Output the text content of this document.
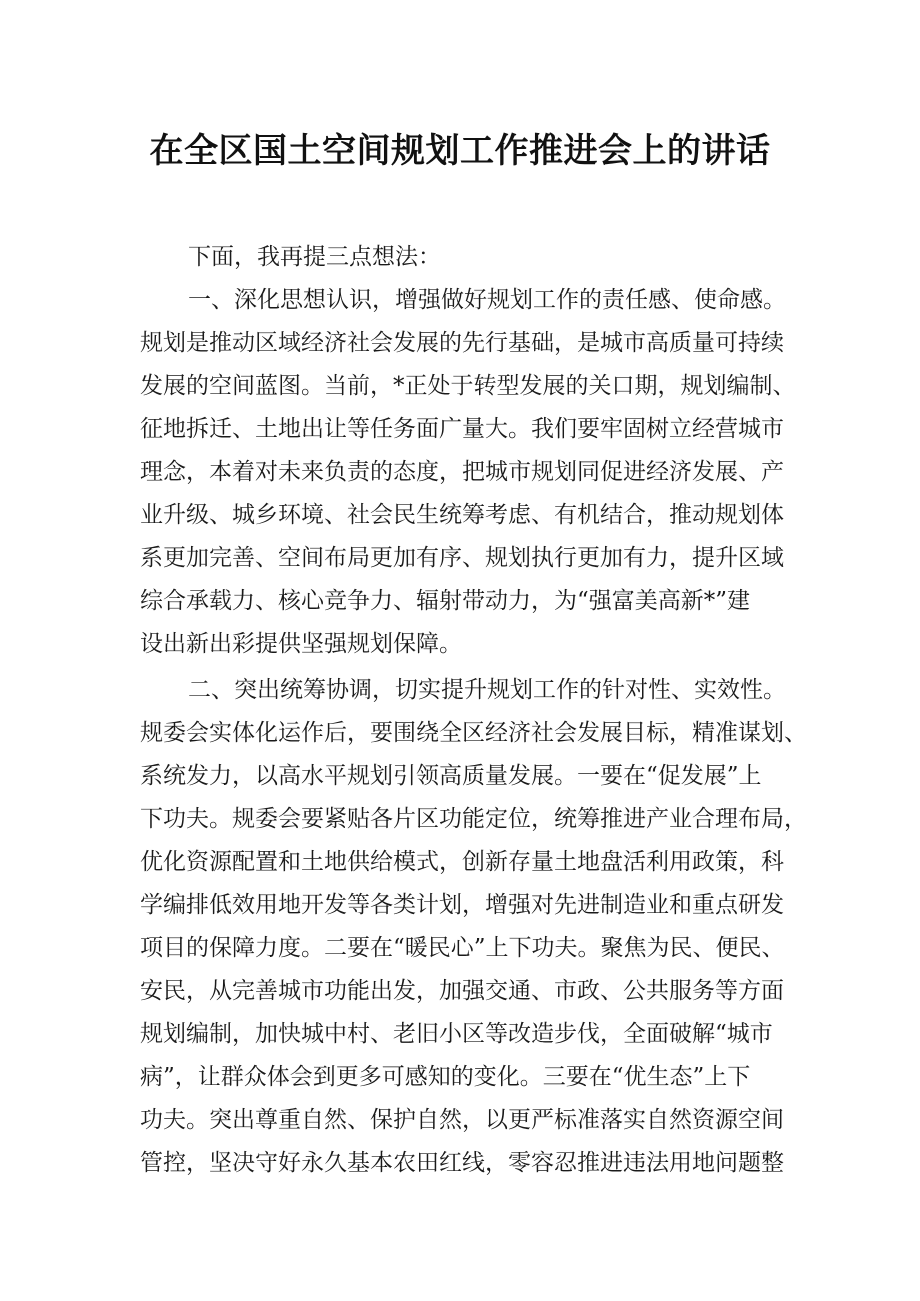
在全区国土空间规划工作推进会上的讲话
下面，我再提三点想法：
一、深化思想认识，增强做好规划工作的责任感、使命感。
规划是推动区域经济社会发展的先行基础，是城市高质量可持续
发展的空间蓝图。当前，*正处于转型发展的关口期，规划编制、
征地拆迁、土地出让等任务面广量大。我们要牢固树立经营城市
理念，本着对未来负责的态度，把城市规划同促进经济发展、产
业升级、城乡环境、社会民生统筹考虑、有机结合，推动规划体
系更加完善、空间布局更加有序、规划执行更加有力，提升区域
综合承载力、核心竞争力、辐射带动力，为“强富美高新*”建
设出新出彩提供坚强规划保障。
二、突出统筹协调，切实提升规划工作的针对性、实效性。
规委会实体化运作后，要围绕全区经济社会发展目标，精准谋划、
系统发力，以高水平规划引领高质量发展。一要在“促发展”上
下功夫。规委会要紧贴各片区功能定位，统筹推进产业合理布局，
优化资源配置和土地供给模式，创新存量土地盘活利用政策，科
学编排低效用地开发等各类计划，增强对先进制造业和重点研发
项目的保障力度。二要在“暖民心”上下功夫。聚焦为民、便民、
安民，从完善城市功能出发，加强交通、市政、公共服务等方面
规划编制，加快城中村、老旧小区等改造步伐，全面破解“城市
病”，让群众体会到更多可感知的变化。三要在“优生态”上下
功夫。突出尊重自然、保护自然，以更严标准落实自然资源空间
管控，坚决守好永久基本农田红线，零容忍推进违法用地问题整
